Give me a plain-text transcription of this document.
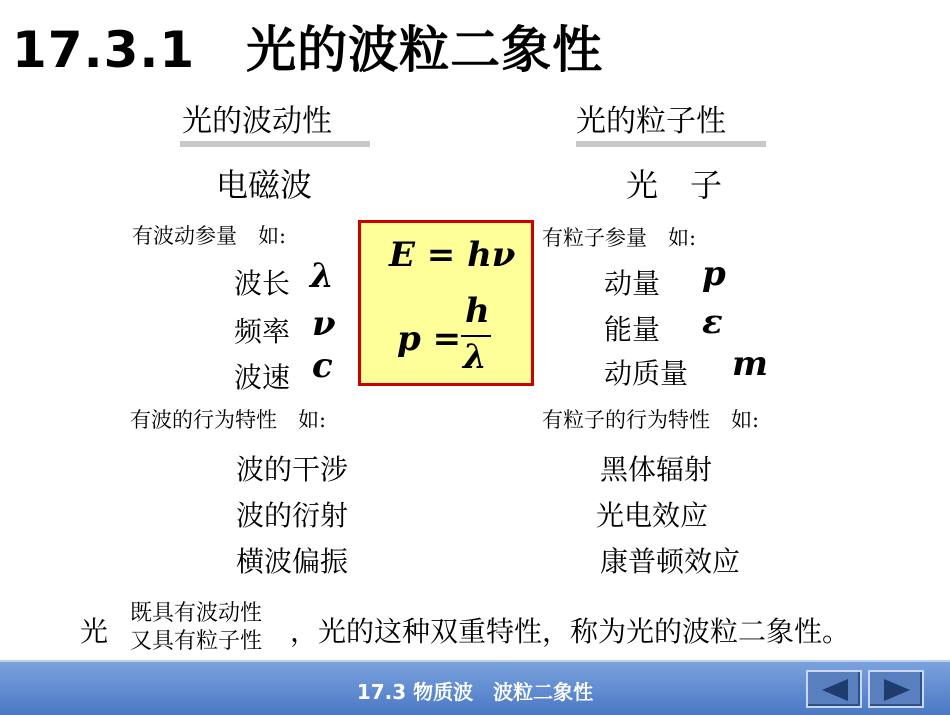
17.3.1　光的波粒二象性
光的波动性	光的粒子性
电磁波	光　子
有波动参量　如:	有粒子参量　如:
波长 λ
频率 ν
波速 c
E = hν
p =
h
λ
动量 p
能量 ε
动质量 m
有波的行为特性　如:	有粒子的行为特性　如:
波的干涉
波的衍射
横波偏振
黑体辐射
光电效应
康普顿效应
光
既具有波动性
又具有粒子性 ，光的这种双重特性，称为光的波粒二象性。
17.3 物质波　波粒二象性
